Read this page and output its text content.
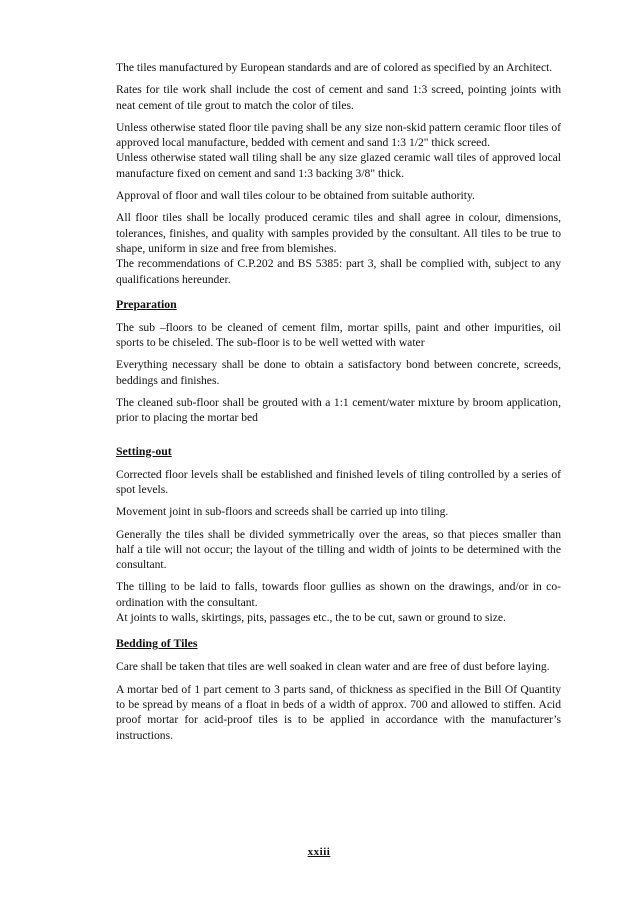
The tiles manufactured by European standards and are of colored as specified by an Architect.

Rates for tile work shall include the cost of cement and sand 1:3 screed, pointing joints with neat cement of tile grout to match the color of tiles.

Unless otherwise stated floor tile paving shall be any size non-skid pattern ceramic floor tiles of approved local manufacture, bedded with cement and sand 1:3 1/2" thick screed.

Unless otherwise stated wall tiling shall be any size glazed ceramic wall tiles of approved local manufacture fixed on cement and sand 1:3 backing 3/8" thick.

Approval of floor and wall tiles colour to be obtained from suitable authority.

All floor tiles shall be locally produced ceramic tiles and shall agree in colour, dimensions, tolerances, finishes, and quality with samples provided by the consultant. All tiles to be true to shape, uniform in size and free from blemishes.

The recommendations of C.P.202 and BS 5385: part 3, shall be complied with, subject to any qualifications hereunder.

Preparation

The sub –floors to be cleaned of cement film, mortar spills, paint and other impurities, oil sports to be chiseled. The sub-floor is to be well wetted with water

Everything necessary shall be done to obtain a satisfactory bond between concrete, screeds, beddings and finishes.

The cleaned sub-floor shall be grouted with a 1:1 cement/water mixture by broom application, prior to placing the mortar bed

Setting-out

Corrected floor levels shall be established and finished levels of tiling controlled by a series of spot levels.

Movement joint in sub-floors and screeds shall be carried up into tiling.

Generally the tiles shall be divided symmetrically over the areas, so that pieces smaller than half a tile will not occur; the layout of the tilling and width of joints to be determined with the consultant.

The tilling to be laid to falls, towards floor gullies as shown on the drawings, and/or in co-ordination with the consultant.

At joints to walls, skirtings, pits, passages etc., the to be cut, sawn or ground to size.

Bedding of Tiles

Care shall be taken that tiles are well soaked in clean water and are free of dust before laying.

A mortar bed of 1 part cement to 3 parts sand, of thickness as specified in the Bill Of Quantity to be spread by means of a float in beds of a width of approx. 700 and allowed to stiffen. Acid proof mortar for acid-proof tiles is to be applied in accordance with the manufacturer’s instructions.

xxiii
